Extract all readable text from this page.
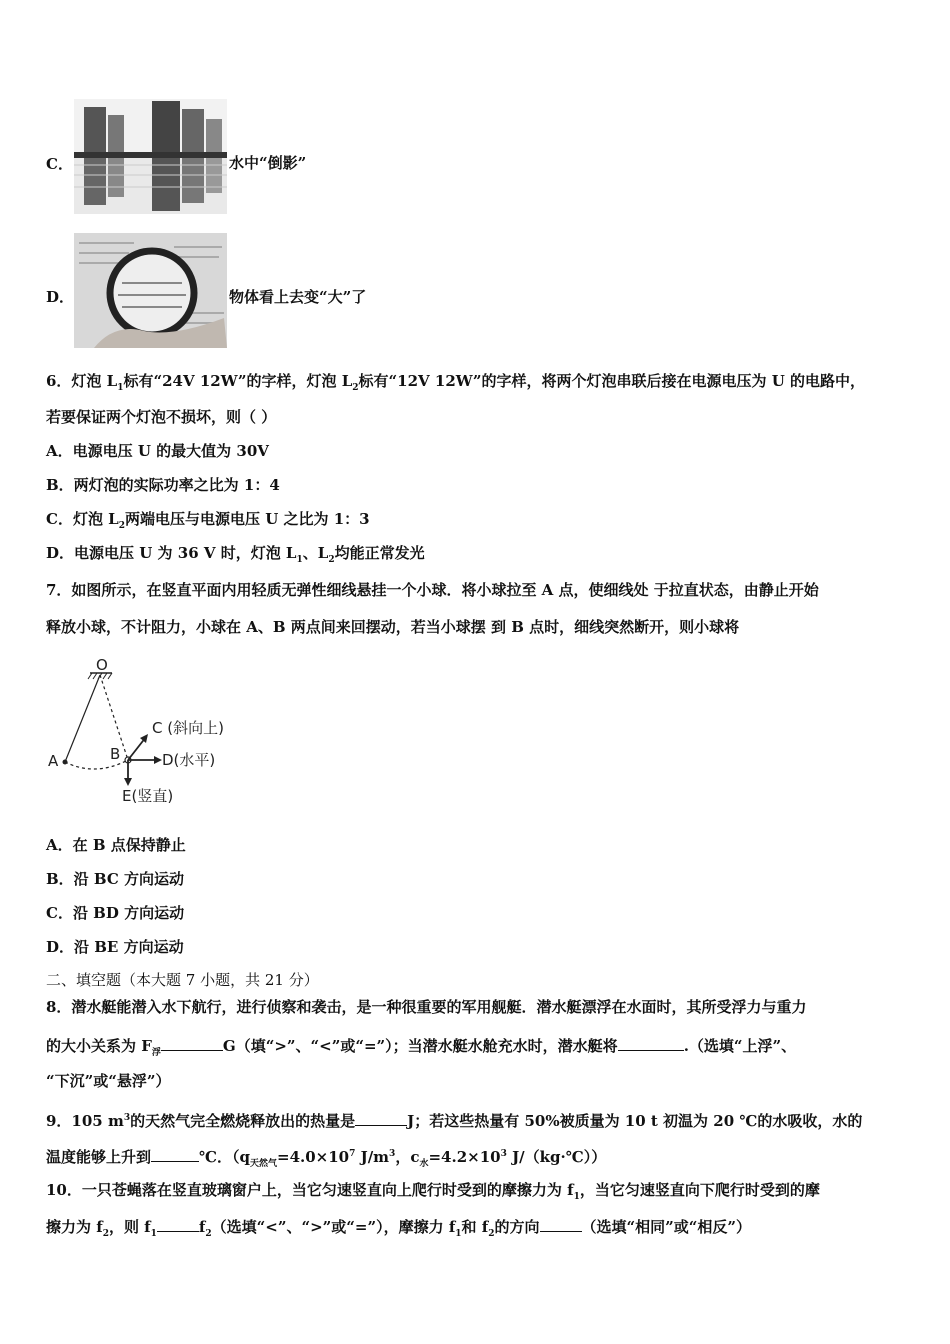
C．	水中“倒影”
D．	物体看上去变“大”了
6．灯泡 $L_1$标有“24V 12W”的字样，灯泡 $L_2$标有“12V 12W”的字样，将两个灯泡串联后接在电源电压为 U 的电路中，
若要保证两个灯泡不损坏，则（ ）
A．电源电压 U 的最大值为 30V
B．两灯泡的实际功率之比为 1：4
C．灯泡 $L_2$两端电压与电源电压 U 之比为 1：3
D．电源电压 U 为 36 V 时，灯泡 $L_1$、$L_2$均能正常发光
7．如图所示，在竖直平面内用轻质无弹性细线悬挂一个小球．将小球拉至 A 点，使细线处 于拉直状态，由静止开始
释放小球，不计阻力，小球在 A、B 两点间来回摆动，若当小球摆 到 B 点时，细线突然断开，则小球将
O
A	B
C (斜向上)
D(水平)
E(竖直)
A．在 B 点保持静止
B．沿 BC 方向运动
C．沿 BD 方向运动
D．沿 BE 方向运动
二、填空题（本大题 7 小题，共 21 分）
8．潜水艇能潜入水下航行，进行侦察和袭击，是一种很重要的军用舰艇．潜水艇漂浮在水面时，其所受浮力与重力
的大小关系为 $F_浮$	G（填“>”、“<”或“=”）；当潜水艇水舱充水时，潜水艇将	.（选填“上浮”、
“下沉”或“悬浮”）
9．105 $m^3$的天然气完全燃烧释放出的热量是	J；若这些热量有 50%被质量为 10 t 初温为 20 ℃的水吸收，水的
温度能够上升到	℃．（$q_{天然气}=4.0\times 10^7$ $J/m^3$，$c_水=4.2\times 10^3$ J/（kg·℃））
10．一只苍蝇落在竖直玻璃窗户上，当它匀速竖直向上爬行时受到的摩擦力为 $f_1$，当它匀速竖直向下爬行时受到的摩
擦力为 $f_2$，则 $f_1$	$f_2$（选填“<”、“>”或“=”），摩擦力 $f_1$和 $f_2$的方向	（选填“相同”或“相反”）
